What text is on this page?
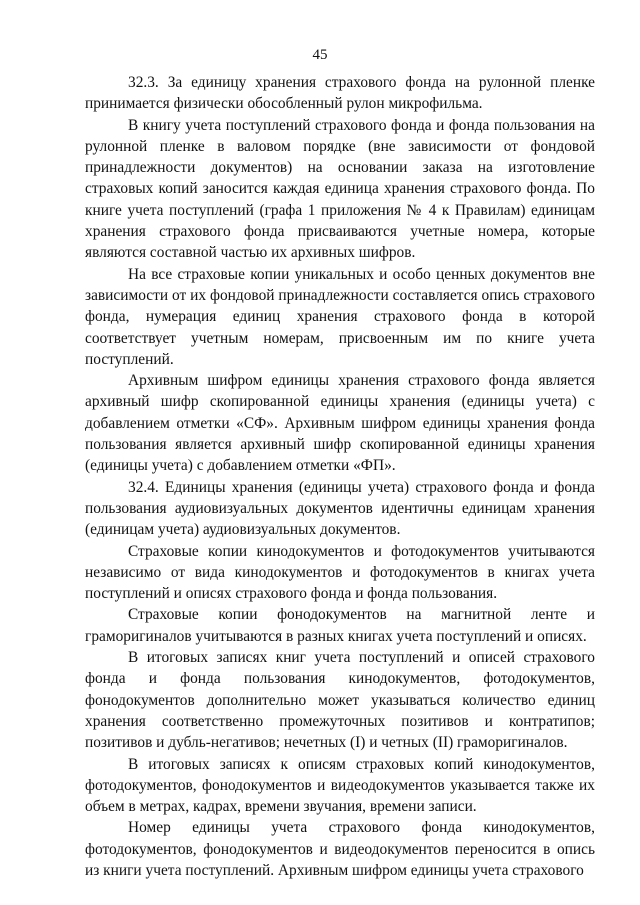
45

32.3. За единицу хранения страхового фонда на рулонной пленке принимается физически обособленный рулон микрофильма.

В книгу учета поступлений страхового фонда и фонда пользования на рулонной пленке в валовом порядке (вне зависимости от фондовой принадлежности документов) на основании заказа на изготовление страховых копий заносится каждая единица хранения страхового фонда. По книге учета поступлений (графа 1 приложения № 4 к Правилам) единицам хранения страхового фонда присваиваются учетные номера, которые являются составной частью их архивных шифров.

На все страховые копии уникальных и особо ценных документов вне зависимости от их фондовой принадлежности составляется опись страхового фонда, нумерация единиц хранения страхового фонда в которой соответствует учетным номерам, присвоенным им по книге учета поступлений.

Архивным шифром единицы хранения страхового фонда является архивный шифр скопированной единицы хранения (единицы учета) с добавлением отметки «СФ». Архивным шифром единицы хранения фонда пользования является архивный шифр скопированной единицы хранения (единицы учета) с добавлением отметки «ФП».

32.4. Единицы хранения (единицы учета) страхового фонда и фонда пользования аудиовизуальных документов идентичны единицам хранения (единицам учета) аудиовизуальных документов.

Страховые копии кинодокументов и фотодокументов учитываются независимо от вида кинодокументов и фотодокументов в книгах учета поступлений и описях страхового фонда и фонда пользования.

Страховые копии фонодокументов на магнитной ленте и граморигиналов учитываются в разных книгах учета поступлений и описях.

В итоговых записях книг учета поступлений и описей страхового фонда и фонда пользования кинодокументов, фотодокументов, фонодокументов дополнительно может указываться количество единиц хранения соответственно промежуточных позитивов и контратипов; позитивов и дубль-негативов; нечетных (I) и четных (II) граморигиналов.

В итоговых записях к описям страховых копий кинодокументов, фотодокументов, фонодокументов и видеодокументов указывается также их объем в метрах, кадрах, времени звучания, времени записи.

Номер единицы учета страхового фонда кинодокументов, фотодокументов, фонодокументов и видеодокументов переносится в опись из книги учета поступлений. Архивным шифром единицы учета страхового
